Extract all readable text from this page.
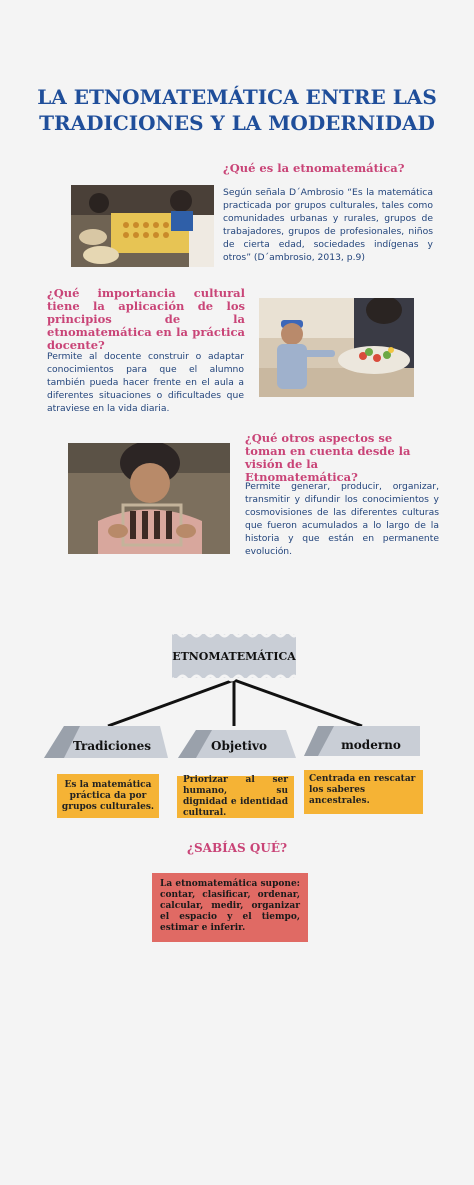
LA ETNOMATEMÁTICA ENTRE LAS
TRADICIONES Y LA MODERNIDAD
¿Qué es la etnomatemática?
Según señala D´Ambrosio “Es la matemática practicada por grupos culturales, tales como comunidades urbanas y rurales, grupos de trabajadores, grupos de profesionales, niños de cierta edad, sociedades indígenas y otros” (D´ambrosio, 2013, p.9)
¿Qué importancia cultural tiene la aplicación de los principios de la etnomatemática en la práctica docente?
Permite al docente construir o adaptar conocimientos para que el alumno también pueda hacer frente en el aula a diferentes situaciones o dificultades que atraviese en la vida diaria.
¿Qué otros aspectos se toman en cuenta desde la visión de la Etnomatemática?
Permite generar, producir, organizar, transmitir y difundir los conocimientos y cosmovisiones de las diferentes culturas que fueron acumulados a lo largo de la historia y que están en permanente evolución.
ETNOMATEMÁTICA
Tradiciones	Objetivo	moderno
Es la matemática práctica da por grupos culturales.
Priorizar al ser humano, su dignidad e identidad cultural.
Centrada en rescatar los saberes ancestrales.
¿SABÍAS QUÉ?
La etnomatemática supone: contar, clasificar, ordenar, calcular, medir, organizar el espacio y el tiempo, estimar e inferir.
